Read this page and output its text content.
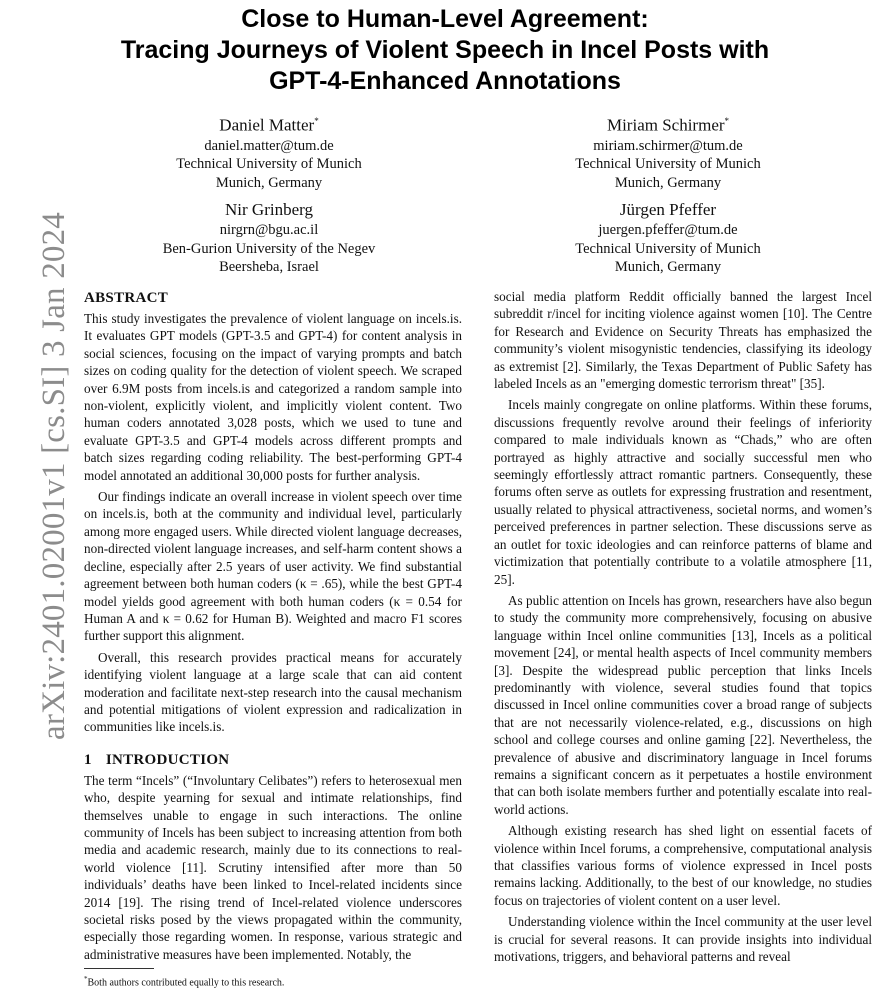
Close to Human-Level Agreement:
Tracing Journeys of Violent Speech in Incel Posts with
GPT-4-Enhanced Annotations
Daniel Matter*
daniel.matter@tum.de
Technical University of Munich
Munich, Germany
Miriam Schirmer*
miriam.schirmer@tum.de
Technical University of Munich
Munich, Germany
Nir Grinberg
nirgrn@bgu.ac.il
Ben-Gurion University of the Negev
Beersheba, Israel
Jürgen Pfeffer
juergen.pfeffer@tum.de
Technical University of Munich
Munich, Germany
arXiv:2401.02001v1 [cs.SI] 3 Jan 2024 ABSTRACT

This study investigates the prevalence of violent language on incels.is. It evaluates GPT models (GPT-3.5 and GPT-4) for content analysis in social sciences, focusing on the impact of varying prompts and batch sizes on coding quality for the detection of violent speech. We scraped over 6.9M posts from incels.is and categorized a random sample into non-violent, explicitly violent, and implicitly violent content. Two human coders annotated 3,028 posts, which we used to tune and evaluate GPT-3.5 and GPT-4 models across different prompts and batch sizes regarding coding reliability. The best-performing GPT-4 model annotated an additional 30,000 posts for further analysis.

Our findings indicate an overall increase in violent speech over time on incels.is, both at the community and individual level, particularly among more engaged users. While directed violent language decreases, non-directed violent language increases, and self-harm content shows a decline, especially after 2.5 years of user activity. We find substantial agreement between both human coders (κ = .65), while the best GPT-4 model yields good agreement with both human coders (κ = 0.54 for Human A and κ = 0.62 for Human B). Weighted and macro F1 scores further support this alignment.

Overall, this research provides practical means for accurately identifying violent language at a large scale that can aid content moderation and facilitate next-step research into the causal mechanism and potential mitigations of violent expression and radicalization in communities like incels.is.

1 INTRODUCTION

The term “Incels” (“Involuntary Celibates”) refers to heterosexual men who, despite yearning for sexual and intimate relationships, find themselves unable to engage in such interactions. The online community of Incels has been subject to increasing attention from both media and academic research, mainly due to its connections to real-world violence [11]. Scrutiny intensified after more than 50 individuals’ deaths have been linked to Incel-related incidents since 2014 [19]. The rising trend of Incel-related violence underscores societal risks posed by the views propagated within the community, especially those regarding women. In response, various strategic and administrative measures have been implemented. Notably, the

social media platform Reddit officially banned the largest Incel subreddit r/incel for inciting violence against women [10]. The Centre for Research and Evidence on Security Threats has emphasized the community’s violent misogynistic tendencies, classifying its ideology as extremist [2]. Similarly, the Texas Department of Public Safety has labeled Incels as an "emerging domestic terrorism threat" [35].

Incels mainly congregate on online platforms. Within these forums, discussions frequently revolve around their feelings of inferiority compared to male individuals known as “Chads,” who are often portrayed as highly attractive and socially successful men who seemingly effortlessly attract romantic partners. Consequently, these forums often serve as outlets for expressing frustration and resentment, usually related to physical attractiveness, societal norms, and women’s perceived preferences in partner selection. These discussions serve as an outlet for toxic ideologies and can reinforce patterns of blame and victimization that potentially contribute to a volatile atmosphere [11, 25].

As public attention on Incels has grown, researchers have also begun to study the community more comprehensively, focusing on abusive language within Incel online communities [13], Incels as a political movement [24], or mental health aspects of Incel community members [3]. Despite the widespread public perception that links Incels predominantly with violence, several studies found that topics discussed in Incel online communities cover a broad range of subjects that are not necessarily violence-related, e.g., discussions on high school and college courses and online gaming [22]. Nevertheless, the prevalence of abusive and discriminatory language in Incel forums remains a significant concern as it perpetuates a hostile environment that can both isolate members further and potentially escalate into real-world actions.

Although existing research has shed light on essential facets of violence within Incel forums, a comprehensive, computational analysis that classifies various forms of violence expressed in Incel posts remains lacking. Additionally, to the best of our knowledge, no studies focus on trajectories of violent content on a user level.

Understanding violence within the Incel community at the user level is crucial for several reasons. It can provide insights into individual motivations, triggers, and behavioral patterns and reveal

*Both authors contributed equally to this research.
